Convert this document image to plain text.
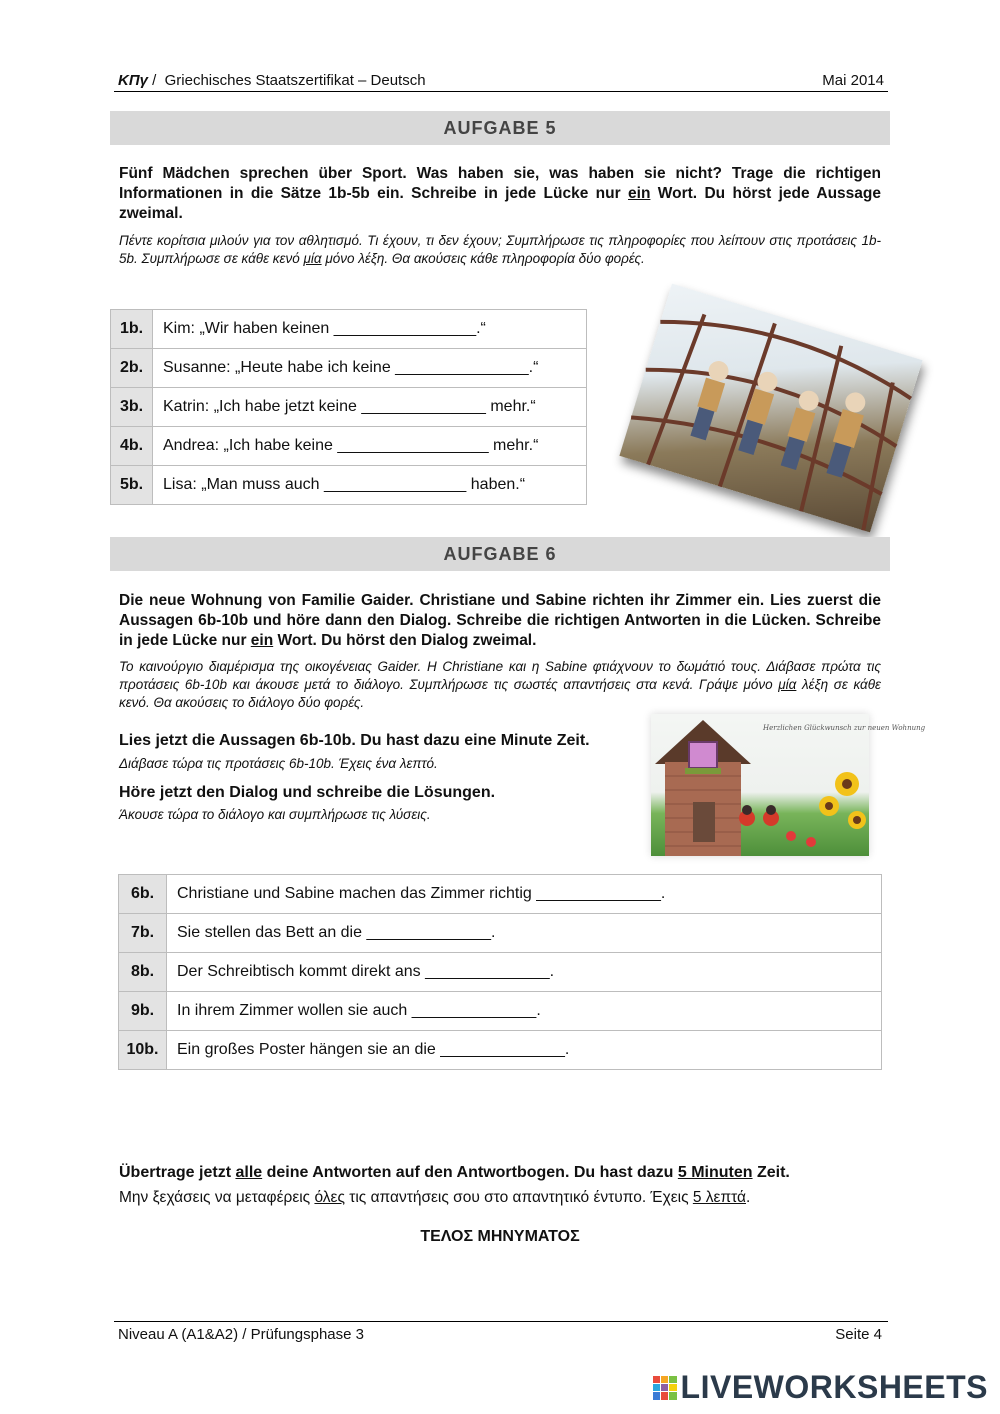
ΚΠγ /  Griechisches Staatszertifikat – Deutsch	Mai 2014
AUFGABE 5
Fünf Mädchen sprechen über Sport. Was haben sie, was haben sie nicht? Trage die richtigen Informationen in die Sätze 1b-5b ein. Schreibe in jede Lücke nur ein Wort. Du hörst jede Aussage zweimal.
Πέντε κορίτσια μιλούν για τον αθλητισμό. Τι έχουν, τι δεν έχουν; Συμπλήρωσε τις πληροφορίες που λείπουν στις προτάσεις 1b-5b. Συμπλήρωσε σε κάθε κενό μία μόνο λέξη. Θα ακούσεις κάθε πληροφορία δύο φορές.
1b.	Kim: „Wir haben keinen ________________.“
2b.	Susanne: „Heute habe ich keine _______________.“
3b.	Katrin: „Ich habe jetzt keine ______________ mehr.“
4b.	Andrea: „Ich habe keine _________________ mehr.“
5b.	Lisa: „Man muss auch ________________ haben.“
AUFGABE 6
Die neue Wohnung von Familie Gaider. Christiane und Sabine richten ihr Zimmer ein. Lies zuerst die Aussagen 6b-10b und höre dann den Dialog. Schreibe die richtigen Antworten in die Lücken. Schreibe in jede Lücke nur ein Wort. Du hörst den Dialog zweimal.
Το καινούργιο διαμέρισμα της οικογένειας Gaider. Η Christiane και η Sabine φτιάχνουν το δωμάτιό τους. Διάβασε πρώτα τις προτάσεις 6b-10b και άκουσε μετά το διάλογο. Συμπλήρωσε τις σωστές απαντήσεις στα κενά. Γράψε μόνο μία λέξη σε κάθε κενό. Θα ακούσεις το διάλογο δύο φορές.
Lies jetzt die Aussagen 6b-10b. Du hast dazu eine Minute Zeit.
Διάβασε τώρα τις προτάσεις 6b-10b. Έχεις ένα λεπτό.
Höre jetzt den Dialog und schreibe die Lösungen.
Άκουσε τώρα το διάλογο και συμπλήρωσε τις λύσεις.
Herzlichen Glückwunsch zur neuen Wohnung
6b.	Christiane und Sabine machen das Zimmer richtig ______________.
7b.	Sie stellen das Bett an die ______________.
8b.	Der Schreibtisch kommt direkt ans ______________.
9b.	In ihrem Zimmer wollen sie auch ______________.
10b.	Ein großes Poster hängen sie an die ______________.
Übertrage jetzt alle deine Antworten auf den Antwortbogen. Du hast dazu 5 Minuten Zeit.
Μην ξεχάσεις να μεταφέρεις όλες τις απαντήσεις σου στο απαντητικό έντυπο. Έχεις 5 λεπτά.
ΤΕΛΟΣ ΜΗΝΥΜΑΤΟΣ
Niveau A (A1&A2) / Prüfungsphase 3	Seite 4
LIVEWORKSHEETS
